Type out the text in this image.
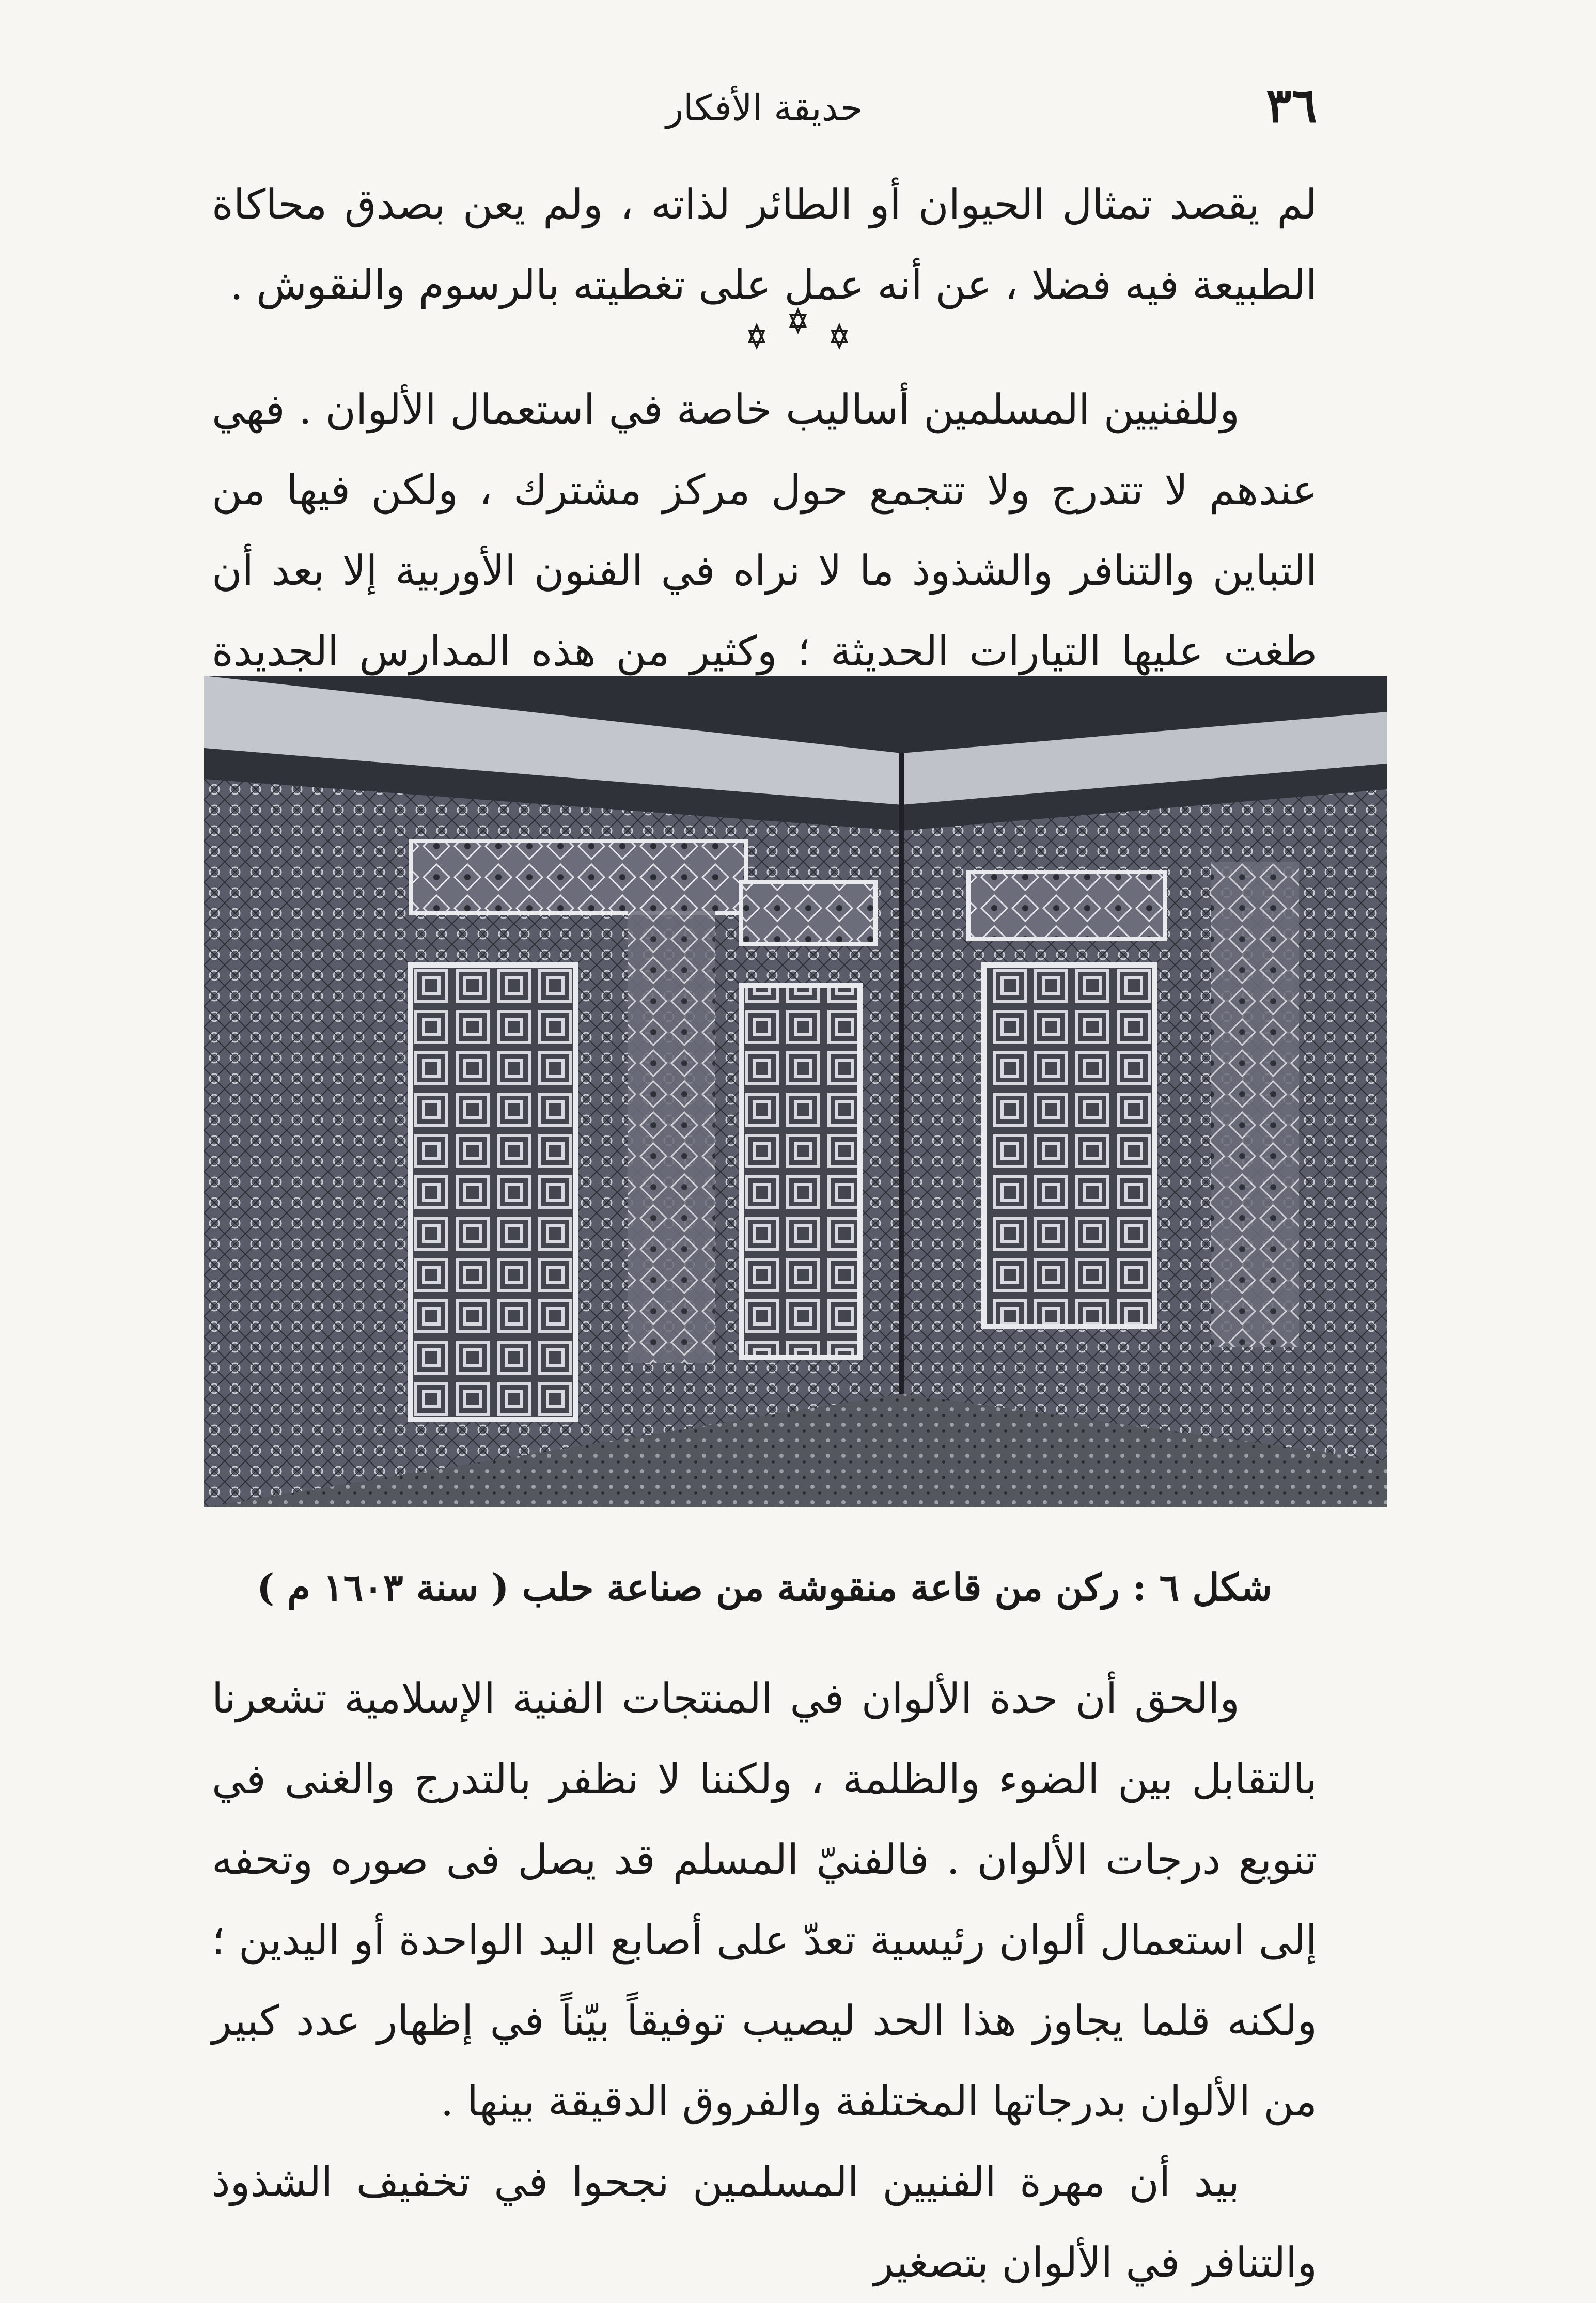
٣٦
حديقة الأفكار

لم يقصد تمثال الحيوان أو الطائر لذاته ، ولم يعن بصدق محاكاة الطبيعة فيه فضلا ، عن أنه عمل على تغطيته بالرسوم والنقوش .

وللفنيين المسلمين أساليب خاصة في استعمال الألوان . فهي عندهم لا تتدرج ولا تتجمع حول مركز مشترك ، ولكن فيها من التباين والتنافر والشذوذ ما لا نراه في الفنون الأوربية إلا بعد أن طغت عليها التيارات الحديثة ؛ وكثير من هذه المدارس الجديدة

شكل ٦ : ركن من قاعة منقوشة من صناعة حلب ( سنة ١٦٠٣ م )

والحق أن حدة الألوان في المنتجات الفنية الإسلامية تشعرنا بالتقابل بين الضوء والظلمة ، ولكننا لا نظفر بالتدرج والغنى في تنويع درجات الألوان . فالفنيّ المسلم قد يصل فى صوره وتحفه إلى استعمال ألوان رئيسية تعدّ على أصابع اليد الواحدة أو اليدين ؛ ولكنه قلما يجاوز هذا الحد ليصيب توفيقاً بيّناً في إظهار عدد كبير من الألوان بدرجاتها المختلفة والفروق الدقيقة بينها .

بيد أن مهرة الفنيين المسلمين نجحوا في تخفيف الشذوذ والتنافر في الألوان بتصغير
